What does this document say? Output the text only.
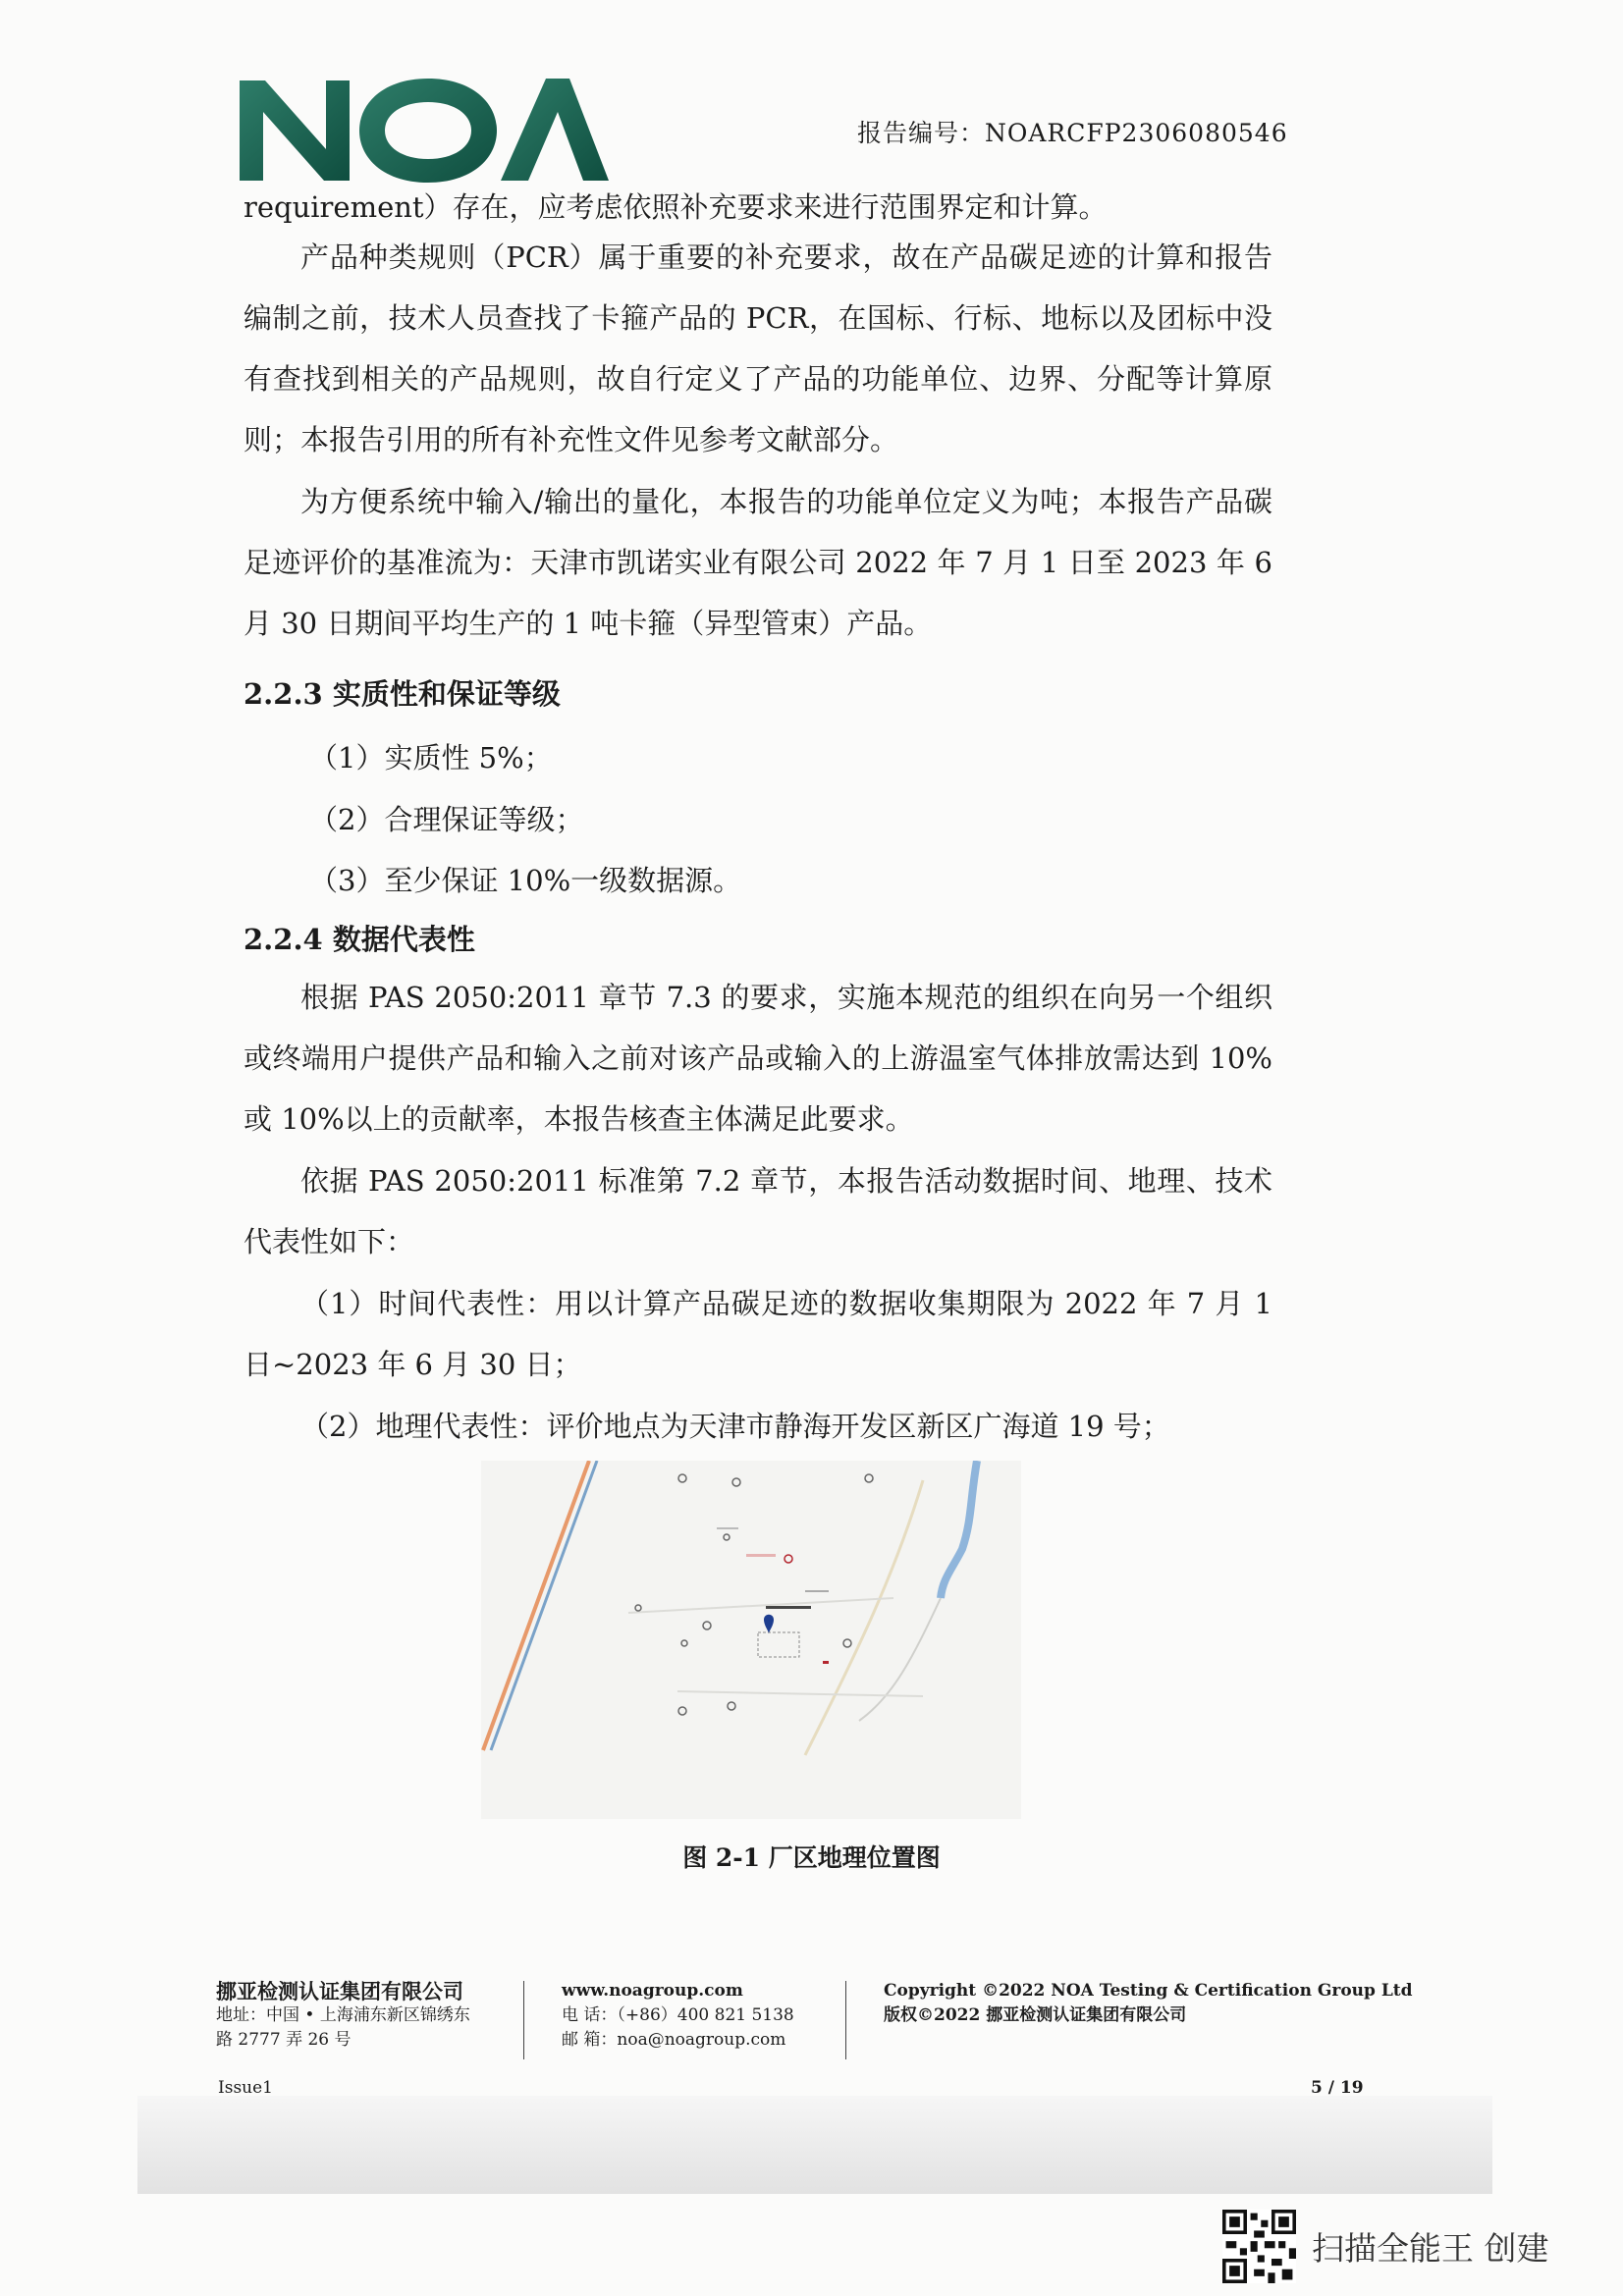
报告编号：NOARCFP2306080546

requirement）存在，应考虑依照补充要求来进行范围界定和计算。

产品种类规则（PCR）属于重要的补充要求，故在产品碳足迹的计算和报告编制之前，技术人员查找了卡箍产品的 PCR，在国标、行标、地标以及团标中没有查找到相关的产品规则，故自行定义了产品的功能单位、边界、分配等计算原则；本报告引用的所有补充性文件见参考文献部分。

为方便系统中输入/输出的量化，本报告的功能单位定义为吨；本报告产品碳足迹评价的基准流为：天津市凯诺实业有限公司 2022 年 7 月 1 日至 2023 年 6 月 30 日期间平均生产的 1 吨卡箍（异型管束）产品。

2.2.3 实质性和保证等级
（1）实质性 5%；
（2）合理保证等级；
（3）至少保证 10%一级数据源。
2.2.4 数据代表性

根据 PAS 2050:2011 章节 7.3 的要求，实施本规范的组织在向另一个组织或终端用户提供产品和输入之前对该产品或输入的上游温室气体排放需达到 10%或 10%以上的贡献率，本报告核查主体满足此要求。

依据 PAS 2050:2011 标准第 7.2 章节，本报告活动数据时间、地理、技术代表性如下：

（1）时间代表性：用以计算产品碳足迹的数据收集期限为 2022 年 7 月 1 日~2023 年 6 月 30 日；

（2）地理代表性：评价地点为天津市静海开发区新区广海道 19 号；

图 2-1 厂区地理位置图
挪亚检测认证集团有限公司
地址：中国 • 上海浦东新区锦绣东
路 2777 弄 26 号
www.noagroup.com
电 话：（+86）400 821 5138
邮 箱：noa@noagroup.com
Copyright ©2022 NOA Testing & Certification Group Ltd
版权©2022 挪亚检测认证集团有限公司
Issue1	5 / 19
扫描全能王 创建
